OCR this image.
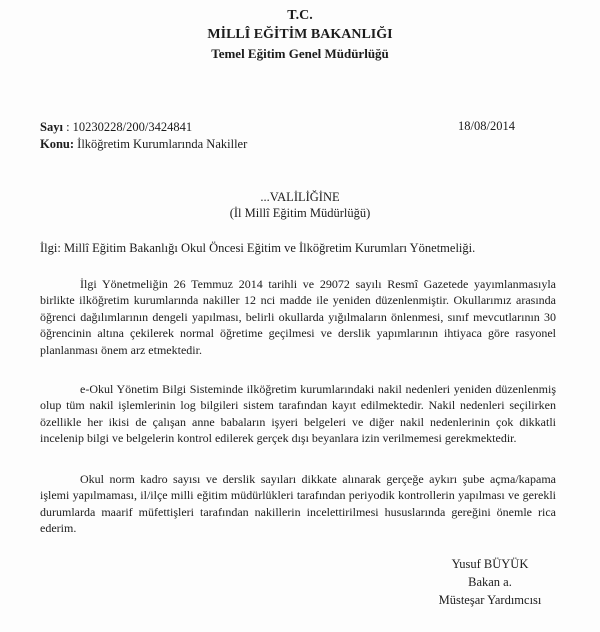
T.C.
MİLLÎ EĞİTİM BAKANLIĞI
Temel Eğitim Genel Müdürlüğü
Sayı : 10230228/200/3424841	18/08/2014
Konu: İlköğretim Kurumlarında Nakiller
...VALİLİĞİNE
(İl Millî Eğitim Müdürlüğü)
İlgi: Millî Eğitim Bakanlığı Okul Öncesi Eğitim ve İlköğretim Kurumları Yönetmeliği.

İlgi Yönetmeliğin 26 Temmuz 2014 tarihli ve 29072 sayılı Resmî Gazetede yayımlanmasıyla birlikte ilköğretim kurumlarında nakiller 12 nci madde ile yeniden düzenlenmiştir. Okullarımız arasında öğrenci dağılımlarının dengeli yapılması, belirli okullarda yığılmaların önlenmesi, sınıf mevcutlarının 30 öğrencinin altına çekilerek normal öğretime geçilmesi ve derslik yapımlarının ihtiyaca göre rasyonel planlanması önem arz etmektedir.

e-Okul Yönetim Bilgi Sisteminde ilköğretim kurumlarındaki nakil nedenleri yeniden düzenlenmiş olup tüm nakil işlemlerinin log bilgileri sistem tarafından kayıt edilmektedir. Nakil nedenleri seçilirken özellikle her ikisi de çalışan anne babaların işyeri belgeleri ve diğer nakil nedenlerinin çok dikkatli incelenip bilgi ve belgelerin kontrol edilerek gerçek dışı beyanlara izin verilmemesi gerekmektedir.

Okul norm kadro sayısı ve derslik sayıları dikkate alınarak gerçeğe aykırı şube açma/kapama işlemi yapılmaması, il/ilçe milli eğitim müdürlükleri tarafından periyodik kontrollerin yapılması ve gerekli durumlarda maarif müfettişleri tarafından nakillerin incelettirilmesi hususlarında gereğini önemle rica ederim.

Yusuf BÜYÜK
Bakan a.
Müsteşar Yardımcısı
